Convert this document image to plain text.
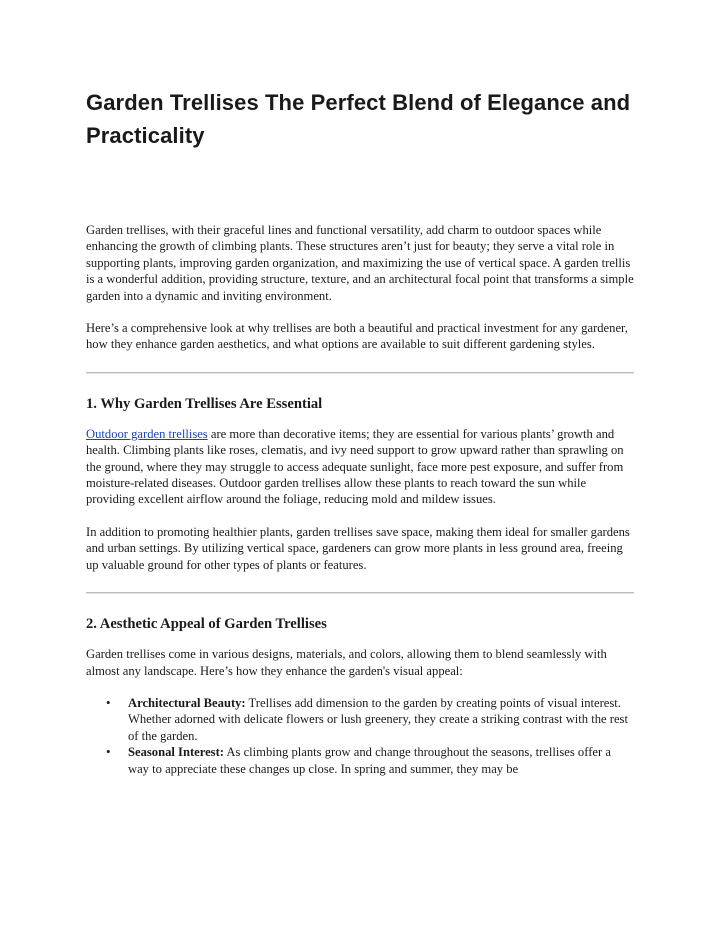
Garden Trellises The Perfect Blend of Elegance and Practicality

Garden trellises, with their graceful lines and functional versatility, add charm to outdoor spaces while enhancing the growth of climbing plants. These structures aren’t just for beauty; they serve a vital role in supporting plants, improving garden organization, and maximizing the use of vertical space. A garden trellis is a wonderful addition, providing structure, texture, and an architectural focal point that transforms a simple garden into a dynamic and inviting environment.

Here’s a comprehensive look at why trellises are both a beautiful and practical investment for any gardener, how they enhance garden aesthetics, and what options are available to suit different gardening styles.

1. Why Garden Trellises Are Essential

Outdoor garden trellises are more than decorative items; they are essential for various plants’ growth and health. Climbing plants like roses, clematis, and ivy need support to grow upward rather than sprawling on the ground, where they may struggle to access adequate sunlight, face more pest exposure, and suffer from moisture-related diseases. Outdoor garden trellises allow these plants to reach toward the sun while providing excellent airflow around the foliage, reducing mold and mildew issues.

In addition to promoting healthier plants, garden trellises save space, making them ideal for smaller gardens and urban settings. By utilizing vertical space, gardeners can grow more plants in less ground area, freeing up valuable ground for other types of plants or features.

2. Aesthetic Appeal of Garden Trellises

Garden trellises come in various designs, materials, and colors, allowing them to blend seamlessly with almost any landscape. Here’s how they enhance the garden's visual appeal:

• Architectural Beauty: Trellises add dimension to the garden by creating points of visual interest. Whether adorned with delicate flowers or lush greenery, they create a striking contrast with the rest of the garden.
• Seasonal Interest: As climbing plants grow and change throughout the seasons, trellises offer a way to appreciate these changes up close. In spring and summer, they may be
